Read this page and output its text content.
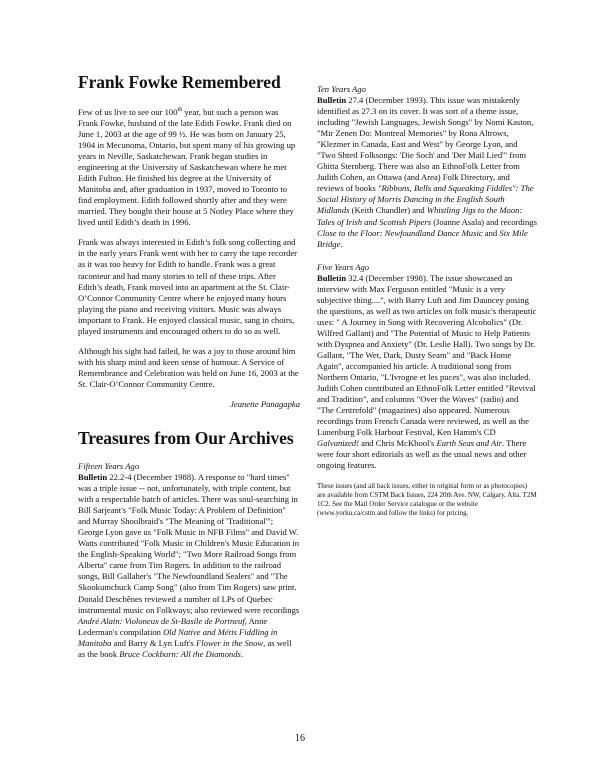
Frank Fowke Remembered

Few of us live to see our 100th year, but such a person was Frank Fowke, husband of the late Edith Fowke. Frank died on June 1, 2003 at the age of 99 ½. He was born on January 25, 1904 in Mecunoma, Ontario, but spent many of his growing up years in Neville, Saskatchewan. Frank began studies in engineering at the University of Saskatchewan where he met Edith Fulton. He finished his degree at the University of Manitoba and, after graduation in 1937, moved to Toronto to find employment. Edith followed shortly after and they were married. They bought their house at 5 Notley Place where they lived until Edith’s death in 1996.

Frank was always interested in Edith’s folk song collecting and in the early years Frank went with her to carry the tape recorder as it was too heavy for Edith to handle. Frank was a great raconteur and had many stories to tell of these trips. After Edith’s death, Frank moved into an apartment at the St. Clair-O’Connor Community Centre where he enjoyed many hours playing the piano and receiving visitors. Music was always important to Frank. He enjoyed classical music, sang in choirs, played instruments and encouraged others to do so as well.

Although his sight had failed, he was a joy to those around him with his sharp mind and keen sense of humour. A Service of Remembrance and Celebration was held on June 16, 2003 at the St. Clair-O’Connor Community Centre.

Jeanette Panagapka
Treasures from Our Archives
Fifteen Years Ago

Bulletin 22.2-4 (December 1988). A response to "hard times" was a triple issue -- not, unfortunately, with triple content, but with a respectable batch of articles. There was soul-searching in Bill Sarjeant's "Folk Music Today: A Problem of Definition" and Murray Shoolbraid's "The Meaning of 'Traditional'"; George Lyon gave us "Folk Music in NFB Films" and David W. Watts contributed "Folk Music in Children's Music Education in the English-Speaking World"; "Two More Railroad Songs from Alberta" came from Tim Rogers. In addition to the railroad songs, Bill Gallaher's "The Newfoundland Sealers" and "The Skookumchuck Camp Song" (also from Tim Rogers) saw print. Donald Deschênes reviewed a number of LPs of Quebec instrumental music on Folkways; also reviewed were recordings André Alain: Violoneux de St-Basile de Portneuf, Anne Lederman's compilation Old Native and Métis Fiddling in Manitoba and Barry & Lyn Luft's Flower in the Snow, as well as the book Bruce Cockburn: All the Diamonds.

Ten Years Ago

Bulletin 27.4 (December 1993). This issue was mistakenly identified as 27.3 on its cover. It was sort of a theme issue, including "Jewish Languages, Jewish Songs" by Nomi Kaston, "Mir Zenen Do: Montreal Memories" by Rona Altrows, "Klezmer in Canada, East and West" by George Lyon, and "Two Shtetl Folksongs: 'Die Soch' and 'Der Mail Lied'" from Ghitta Sternberg. There was also an EthnoFolk Letter from Judith Cohen, an Ottawa (and Area) Folk Directory, and reviews of books "Ribbons, Bells and Squeaking Fiddles": The Social History of Morris Dancing in the English South Midlands (Keith Chandler) and Whistling Jigs to the Moon: Tales of Irish and Scottish Pipers (Joanne Asala) and recordings Close to the Floor: Newfoundland Dance Music and Six Mile Bridge.

Five Years Ago

Bulletin 32.4 (December 1998). The issue showcased an interview with Max Ferguson entitled "Music is a very subjective thing....", with Barry Luft and Jim Dauncey posing the questions, as well as two articles on folk music's therapeutic uses: " A Journey in Song with Recovering Alcoholics" (Dr. Wilfred Gallant) and "The Potential of Music to Help Patients with Dyspnea and Anxiety" (Dr. Leslie Hall). Two songs by Dr. Gallant, "The Wet, Dark, Dusty Seam" and "Back Home Again", accompanied his article. A traditional song from Northern Ontario, "L'Ivrogne et les puces", was also included. Judith Cohen contributed an EthnoFolk Letter entitled "Revival and Tradition", and columns "Over the Waves" (radio) and "The Centrefold" (magazines) also appeared. Numerous recordings from French Canada were reviewed, as well as the Lunenburg Folk Harbour Festival, Ken Hamm's CD Galvanized! and Chris McKhool's Earth Seas and Air. There were four short editorials as well as the usual news and other ongoing features.

These issues (and all back issues, either in original form or as photocopies) are available from CSTM Back Issues, 224 20th Ave. NW, Calgary, Alta. T2M 1C2. See the Mail Order Service catalogue or the website (www.yorku.ca/cstm and follow the links) for pricing.

16
